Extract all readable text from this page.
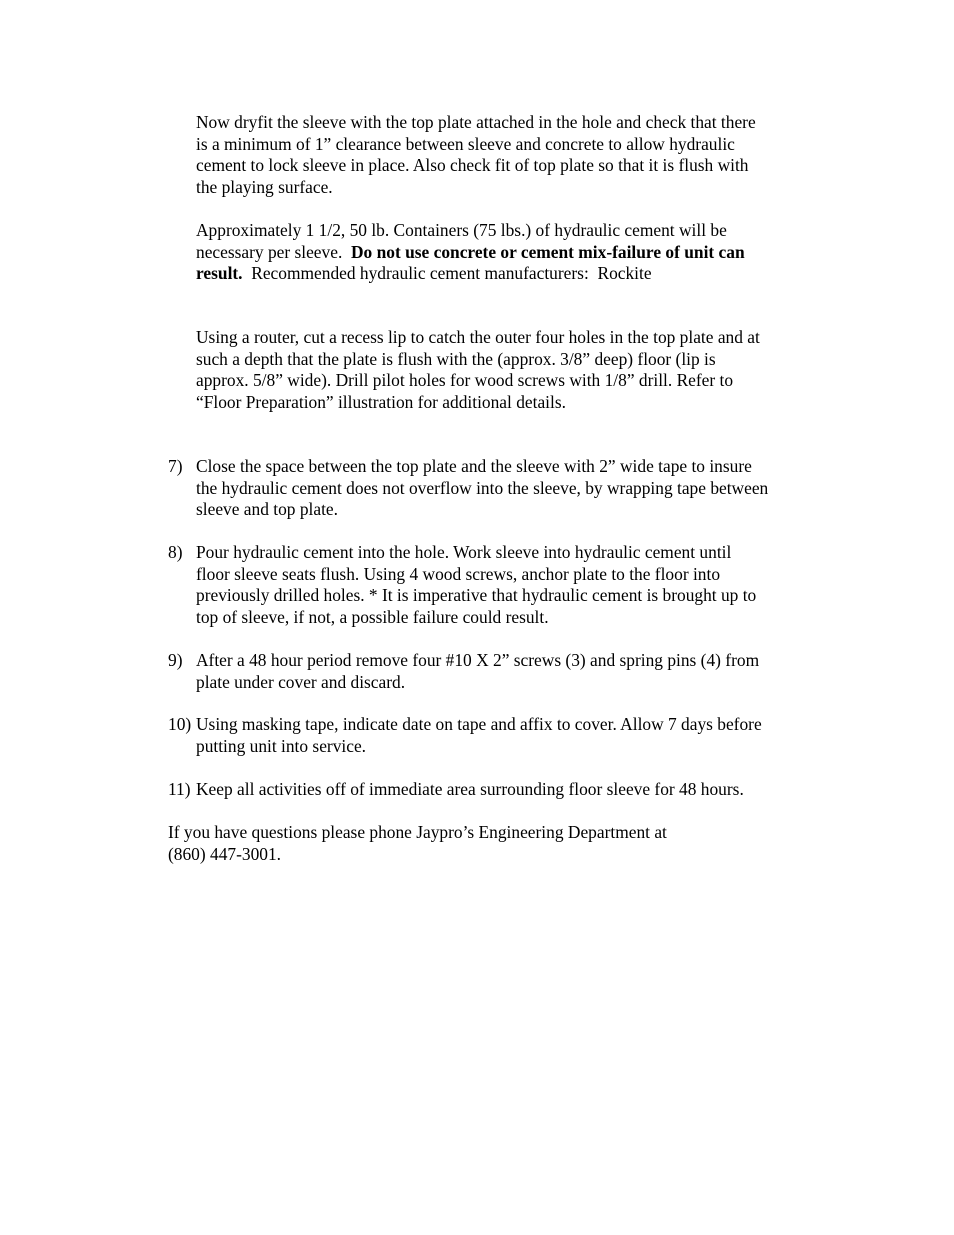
Now dryfit the sleeve with the top plate attached in the hole and check that there
is a minimum of 1” clearance between sleeve and concrete to allow hydraulic
cement to lock sleeve in place. Also check fit of top plate so that it is flush with
the playing surface.

Approximately 1 1/2, 50 lb. Containers (75 lbs.) of hydraulic cement will be
necessary per sleeve.  Do not use concrete or cement mix-failure of unit can
result.  Recommended hydraulic cement manufacturers:  Rockite

Using a router, cut a recess lip to catch the outer four holes in the top plate and at
such a depth that the plate is flush with the (approx. 3/8” deep) floor (lip is
approx. 5/8” wide). Drill pilot holes for wood screws with 1/8” drill. Refer to
“Floor Preparation” illustration for additional details.

7) Close the space between the top plate and the sleeve with 2” wide tape to insure
the hydraulic cement does not overflow into the sleeve, by wrapping tape between
sleeve and top plate.
8) Pour hydraulic cement into the hole. Work sleeve into hydraulic cement until
floor sleeve seats flush. Using 4 wood screws, anchor plate to the floor into
previously drilled holes. * It is imperative that hydraulic cement is brought up to
top of sleeve, if not, a possible failure could result.
9) After a 48 hour period remove four #10 X 2” screws (3) and spring pins (4) from
plate under cover and discard.
10) Using masking tape, indicate date on tape and affix to cover. Allow 7 days before
putting unit into service.
11) Keep all activities off of immediate area surrounding floor sleeve for 48 hours.

If you have questions please phone Jaypro’s Engineering Department at
(860) 447-3001.
